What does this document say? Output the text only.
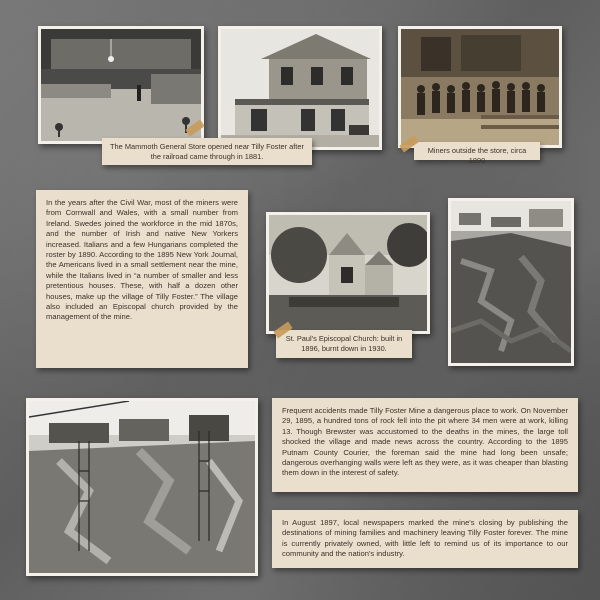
The Mammoth General Store opened near Tilly Foster after the railroad came through in 1881.
Miners outside the store, circa 1890
In the years after the Civil War, most of the miners were from Cornwall and Wales, with a small number from Ireland. Swedes joined the workforce in the mid 1870s, and the number of Irish and native New Yorkers increased. Italians and a few Hungarians completed the roster by 1890. According to the 1895 New York Journal, the Americans lived in a small settlement near the mine, while the Italians lived in “a number of smaller and less pretentious houses. These, with half a dozen other houses, make up the village of Tilly Foster.” The village also included an Episcopal church provided by the management of the mine.
St. Paul's Episcopal Church: built in 1896, burnt down in 1930.
Frequent accidents made Tilly Foster Mine a dangerous place to work. On November 29, 1895, a hundred tons of rock fell into the pit where 34 men were at work, killing 13. Though Brewster was accustomed to the deaths in the mines, the large toll shocked the village and made news across the country. According to the 1895 Putnam County Courier, the foreman said the mine had long been unsafe; dangerous overhanging walls were left as they were, as it was cheaper than blasting them down in the interest of safety.
In August 1897, local newspapers marked the mine's closing by publishing the destinations of mining families and machinery leaving Tilly Foster forever. The mine is currently privately owned, with little left to remind us of its importance to our community and the nation's industry.
